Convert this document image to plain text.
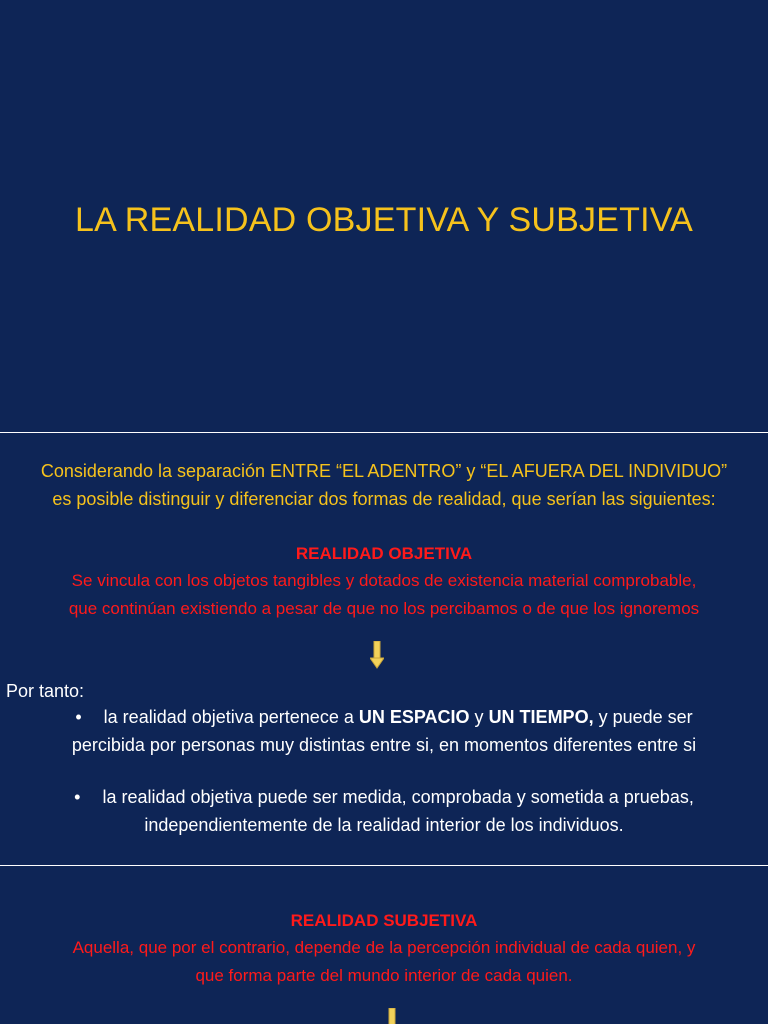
LA REALIDAD OBJETIVA Y SUBJETIVA
Considerando la separación ENTRE “EL ADENTRO” y “EL AFUERA DEL INDIVIDUO”
es posible distinguir y diferenciar dos formas de realidad, que serían las siguientes:
REALIDAD OBJETIVA
Se vincula con los objetos tangibles y dotados de existencia material comprobable,
que continúan existiendo a pesar de que no los percibamos o de que los ignoremos
Por tanto:
• la realidad objetiva pertenece a UN ESPACIO y UN TIEMPO, y puede ser
percibida por personas muy distintas entre si, en momentos diferentes entre si
• la realidad objetiva puede ser medida, comprobada y sometida a pruebas,
independientemente de la realidad interior de los individuos.
REALIDAD SUBJETIVA
Aquella, que por el contrario, depende de la percepción individual de cada quien, y
que forma parte del mundo interior de cada quien.
